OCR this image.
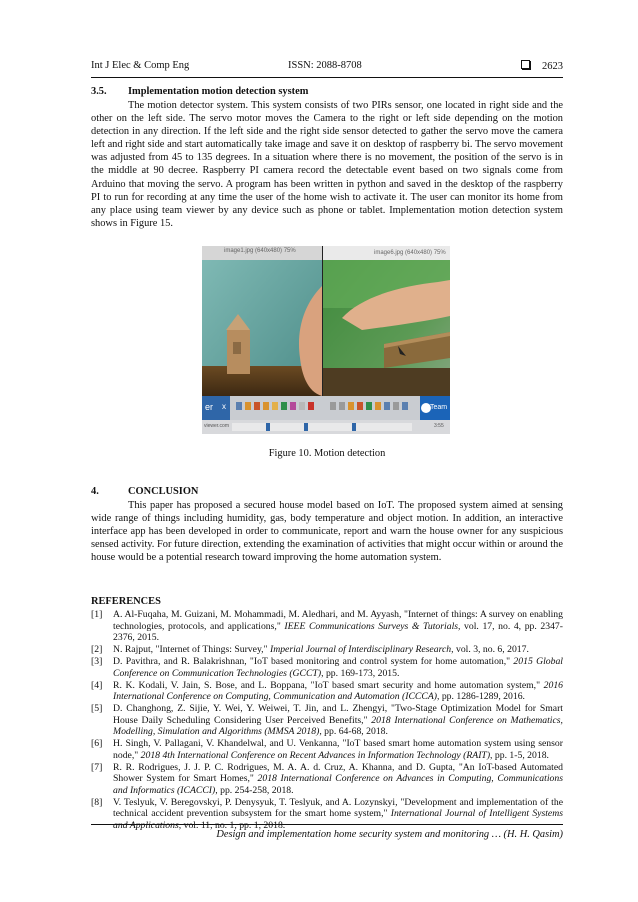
Int J Elec & Comp Eng	ISSN: 2088-8708	2623
3.5. Implementation motion detection system
The motion detector system. This system consists of two PIRs sensor, one located in right side and the other on the left side. The servo motor moves the Camera to the right or left side depending on the motion detection in any direction. If the left side and the right side sensor detected to gather the servo move the camera left and right side and start automatically take image and save it on desktop of raspberry bi. The servo movement was adjusted from 45 to 135 degrees. In a situation where there is no movement, the position of the servo is in the middle at 90 decree. Raspberry PI camera record the detectable event based on two signals come from Arduino that moving the servo. A program has been written in python and saved in the desktop of the raspberry PI to run for recording at any time the user of the home wish to activate it. The user can monitor its home from any place using team viewer by any device such as phone or tablet. Implementation motion detection system shows in Figure 15.
image1.jpg (640x480) 75%	image6.jpg (640x480) 75%
er x	Team
viewer.com	3:55
Figure 10. Motion detection
4.	CONCLUSION
This paper has proposed a secured house model based on IoT. The proposed system aimed at sensing wide range of things including humidity, gas, body temperature and object motion. In addition, an interactive interface app has been developed in order to communicate, report and warn the house owner for any suspicious sensed activity. For future direction, extending the examination of activities that might occur within or around the house would be a potential research toward improving the home automation system.
REFERENCES
[1] A. Al-Fuqaha, M. Guizani, M. Mohammadi, M. Aledhari, and M. Ayyash, "Internet of things: A survey on enabling technologies, protocols, and applications," IEEE Communications Surveys & Tutorials, vol. 17, no. 4, pp. 2347-2376, 2015.
[2] N. Rajput, "Internet of Things: Survey," Imperial Journal of Interdisciplinary Research, vol. 3, no. 6, 2017.
[3] D. Pavithra, and R. Balakrishnan, "IoT based monitoring and control system for home automation," 2015 Global Conference on Communication Technologies (GCCT), pp. 169-173, 2015.
[4] R. K. Kodali, V. Jain, S. Bose, and L. Boppana, "IoT based smart security and home automation system," 2016 International Conference on Computing, Communication and Automation (ICCCA), pp. 1286-1289, 2016.
[5] D. Changhong, Z. Sijie, Y. Wei, Y. Weiwei, T. Jin, and L. Zhengyi, "Two-Stage Optimization Model for Smart House Daily Scheduling Considering User Perceived Benefits," 2018 International Conference on Mathematics, Modelling, Simulation and Algorithms (MMSA 2018), pp. 64-68, 2018.
[6] H. Singh, V. Pallagani, V. Khandelwal, and U. Venkanna, "IoT based smart home automation system using sensor node," 2018 4th International Conference on Recent Advances in Information Technology (RAIT), pp. 1-5, 2018.
[7] R. R. Rodrigues, J. J. P. C. Rodrigues, M. A. A. d. Cruz, A. Khanna, and D. Gupta, "An IoT-based Automated Shower System for Smart Homes," 2018 International Conference on Advances in Computing, Communications and Informatics (ICACCI), pp. 254-258, 2018.
[8] V. Teslyuk, V. Beregovskyi, P. Denysyuk, T. Teslyuk, and A. Lozynskyi, "Development and implementation of the technical accident prevention subsystem for the smart home system," International Journal of Intelligent Systems and Applications, vol. 11, no. 1, pp. 1, 2018.
Design and implementation home security system and monitoring … (H. H. Qasim)
